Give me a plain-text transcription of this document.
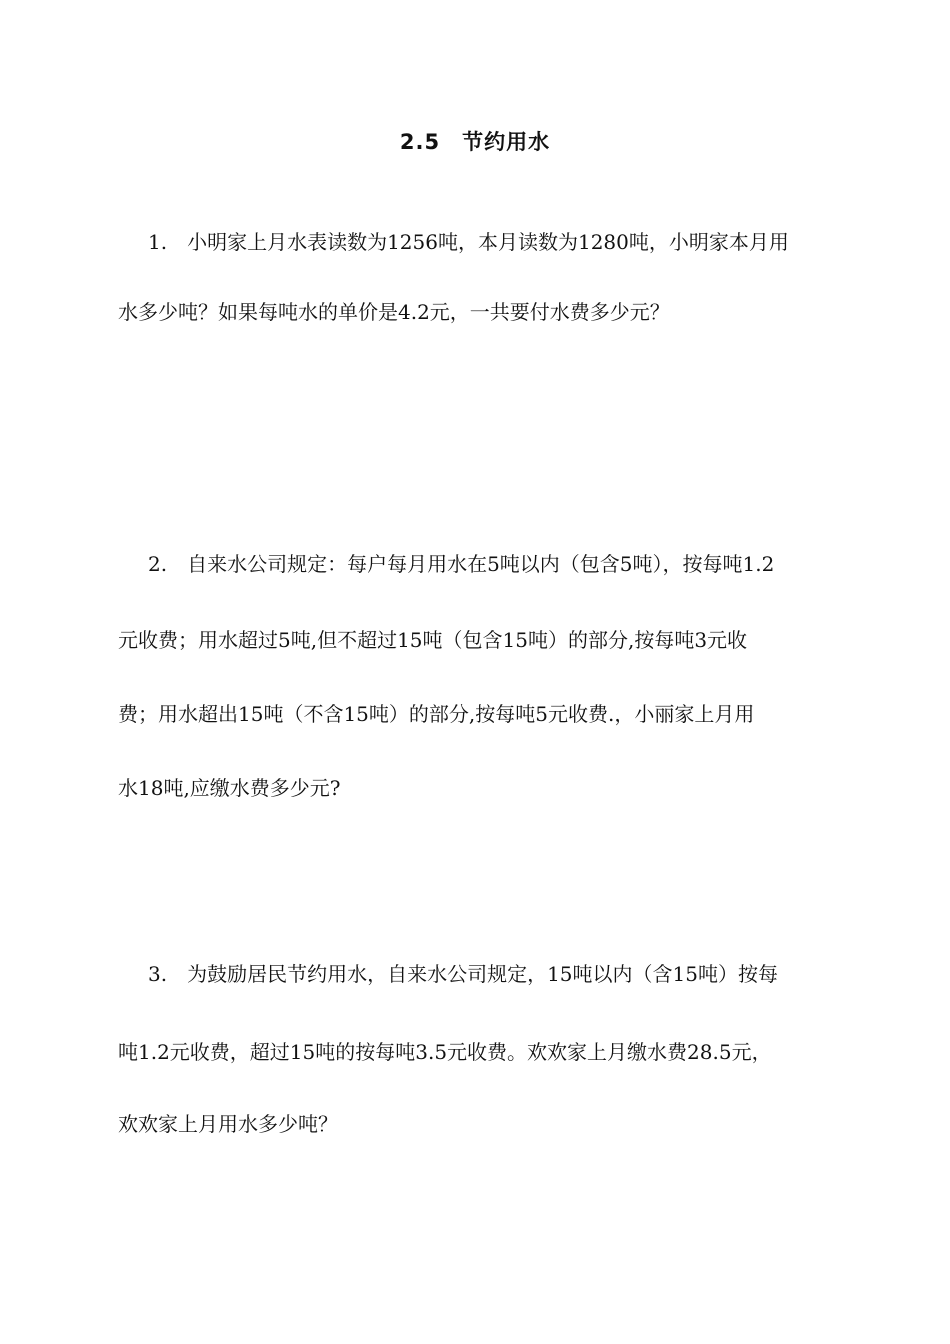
2.5　节约用水
1.　小明家上月水表读数为1256吨，本月读数为1280吨，小明家本月用
水多少吨？如果每吨水的单价是4.2元，一共要付水费多少元？
2.　自来水公司规定：每户每月用水在5吨以内（包含5吨），按每吨1.2
元收费；用水超过5吨,但不超过15吨（包含15吨）的部分,按每吨3元收
费；用水超出15吨（不含15吨）的部分,按每吨5元收费.，小丽家上月用
水18吨,应缴水费多少元?
3.　为鼓励居民节约用水，自来水公司规定，15吨以内（含15吨）按每
吨1.2元收费，超过15吨的按每吨3.5元收费。欢欢家上月缴水费28.5元，
欢欢家上月用水多少吨？
